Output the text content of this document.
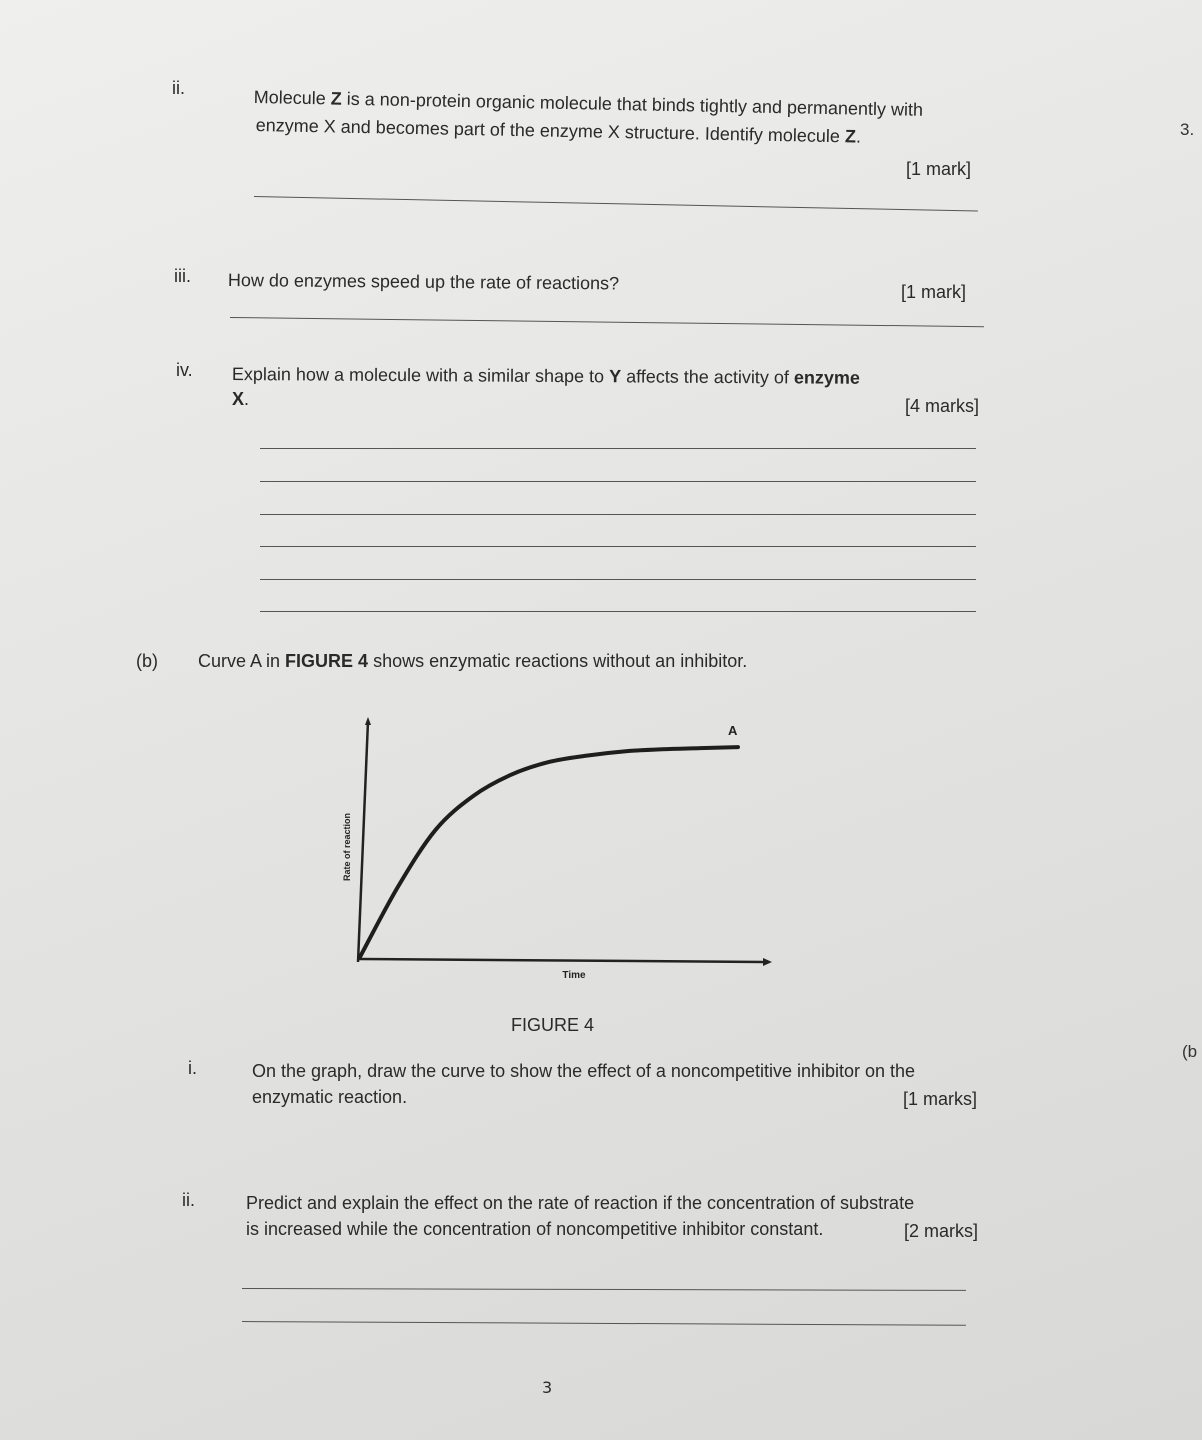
ii.	Molecule Z is a non-protein organic molecule that binds tightly and permanently with
enzyme X and becomes part of the enzyme X structure. Identify molecule Z.
[1 mark]
3.
iii. How do enzymes speed up the rate of reactions?	[1 mark]
iv. Explain how a molecule with a similar shape to Y affects the activity of enzyme
X.	[4 marks]
(b) Curve A in FIGURE 4 shows enzymatic reactions without an inhibitor.
A
Rate of reaction
Time
FIGURE 4
(b
i.	On the graph, draw the curve to show the effect of a noncompetitive inhibitor on the
enzymatic reaction.	[1 marks]
ii.	Predict and explain the effect on the rate of reaction if the concentration of substrate
is increased while the concentration of noncompetitive inhibitor constant.	[2 marks]
3
